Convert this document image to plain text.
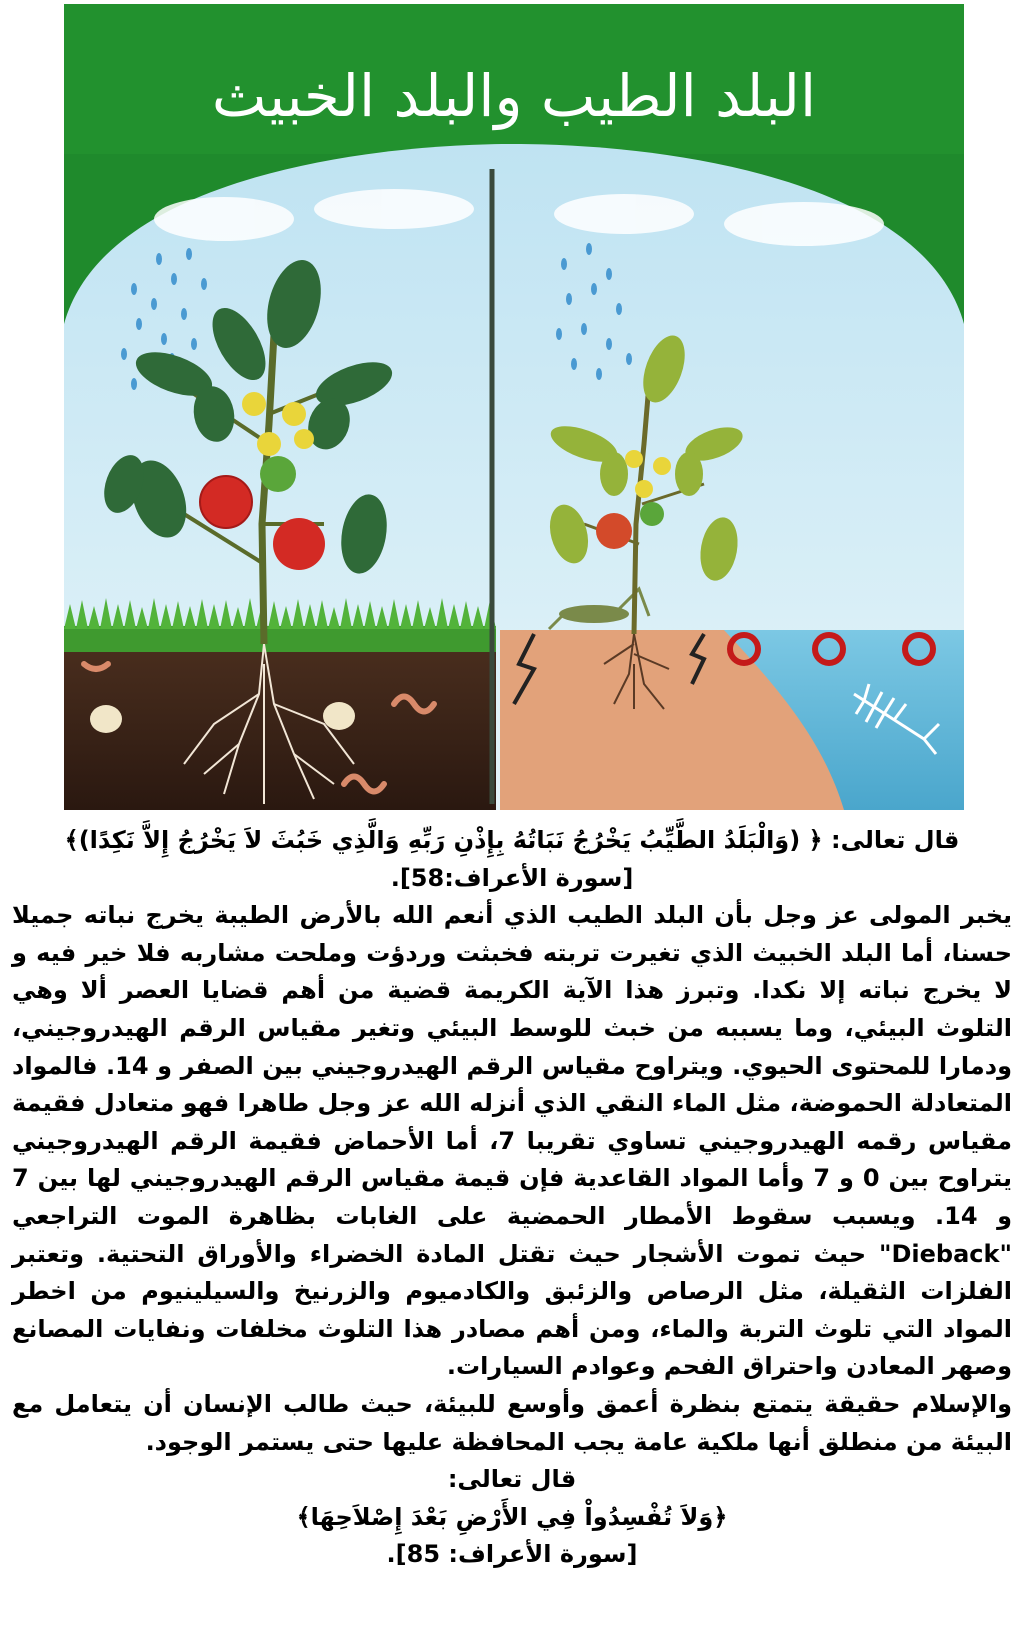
البلد الطيب والبلد الخبيث

قال تعالى: ﴿ (وَالْبَلَدُ الطَّيِّبُ يَخْرُجُ نَبَاتُهُ بِإِذْنِ رَبِّهِ وَالَّذِي خَبُثَ لاَ يَخْرُجُ إِلاَّ نَكِدًا)﴾

[سورة الأعراف:58].

يخبر المولى عز وجل بأن البلد الطيب الذي أنعم الله بالأرض الطيبة يخرج نباته جميلا حسنا، أما البلد الخبيث الذي تغيرت تربته فخبثت وردؤت وملحت مشاربه فلا خير فيه و لا يخرج نباته إلا نكدا. وتبرز هذا الآية الكريمة قضية من أهم قضايا العصر ألا وهي التلوث البيئي، وما يسببه من خبث للوسط البيئي وتغير مقياس الرقم الهيدروجيني، ودمارا للمحتوى الحيوي. ويتراوح مقياس الرقم الهيدروجيني بين الصفر و 14. فالمواد المتعادلة الحموضة، مثل الماء النقي الذي أنزله الله عز وجل طاهرا فهو متعادل فقيمة مقياس رقمه الهيدروجيني تساوي تقريبا 7، أما الأحماض فقيمة الرقم الهيدروجيني يتراوح بين 0 و 7 وأما المواد القاعدية فإن قيمة مقياس الرقم الهيدروجيني لها بين 7 و 14. ويسبب سقوط الأمطار الحمضية على الغابات بظاهرة الموت التراجعي "Dieback" حيث تموت الأشجار حيث تقتل المادة الخضراء والأوراق التحتية. وتعتبر الفلزات الثقيلة، مثل الرصاص والزئبق والكادميوم والزرنيخ والسيلينيوم من اخطر المواد التي تلوث التربة والماء، ومن أهم مصادر هذا التلوث مخلفات ونفايات المصانع وصهر المعادن واحتراق الفحم وعوادم السيارات.

والإسلام حقيقة يتمتع بنظرة أعمق وأوسع للبيئة، حيث طالب الإنسان أن يتعامل مع البيئة من منطلق أنها ملكية عامة يجب المحافظة عليها حتى يستمر الوجود.

قال تعالى:

﴿وَلاَ تُفْسِدُواْ فِي الأَرْضِ بَعْدَ إِصْلاَحِهَا﴾

[سورة الأعراف: 85].
